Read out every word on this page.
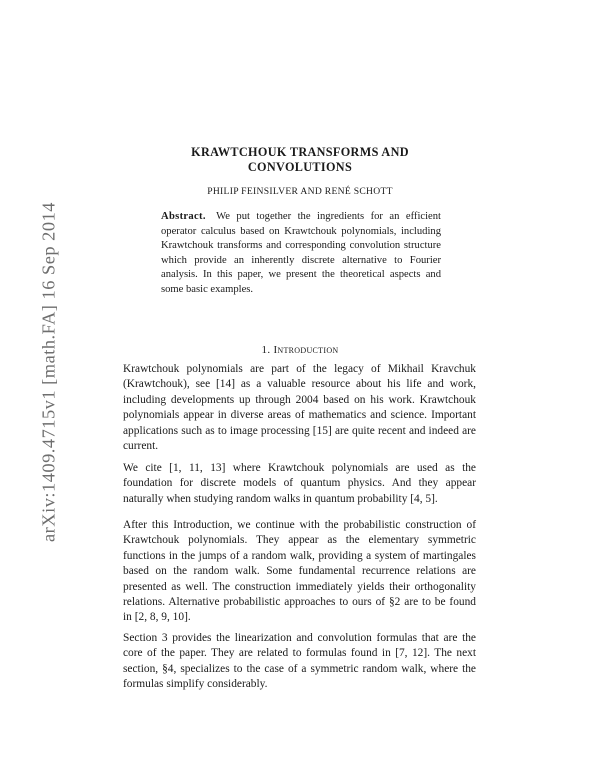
arXiv:1409.4715v1 [math.FA] 16 Sep 2014
KRAWTCHOUK TRANSFORMS AND
CONVOLUTIONS
PHILIP FEINSILVER AND RENÉ SCHOTT
Abstract. We put together the ingredients for an efficient operator calculus based on Krawtchouk polynomials, including Krawtchouk transforms and corresponding convolution structure which provide an inherently discrete alternative to Fourier analysis. In this paper, we present the theoretical aspects and some basic examples.
1. Introduction

Krawtchouk polynomials are part of the legacy of Mikhail Kravchuk (Krawtchouk), see [14] as a valuable resource about his life and work, including developments up through 2004 based on his work. Krawtchouk polynomials appear in diverse areas of mathematics and science. Important applications such as to image processing [15] are quite recent and indeed are current.

We cite [1, 11, 13] where Krawtchouk polynomials are used as the foundation for discrete models of quantum physics. And they appear naturally when studying random walks in quantum probability [4, 5].

After this Introduction, we continue with the probabilistic construction of Krawtchouk polynomials. They appear as the elementary symmetric functions in the jumps of a random walk, providing a system of martingales based on the random walk. Some fundamental recurrence relations are presented as well. The construction immediately yields their orthogonality relations. Alternative probabilistic approaches to ours of §2 are to be found in [2, 8, 9, 10].

Section 3 provides the linearization and convolution formulas that are the core of the paper. They are related to formulas found in [7, 12]. The next section, §4, specializes to the case of a symmetric random walk, where the formulas simplify considerably.
